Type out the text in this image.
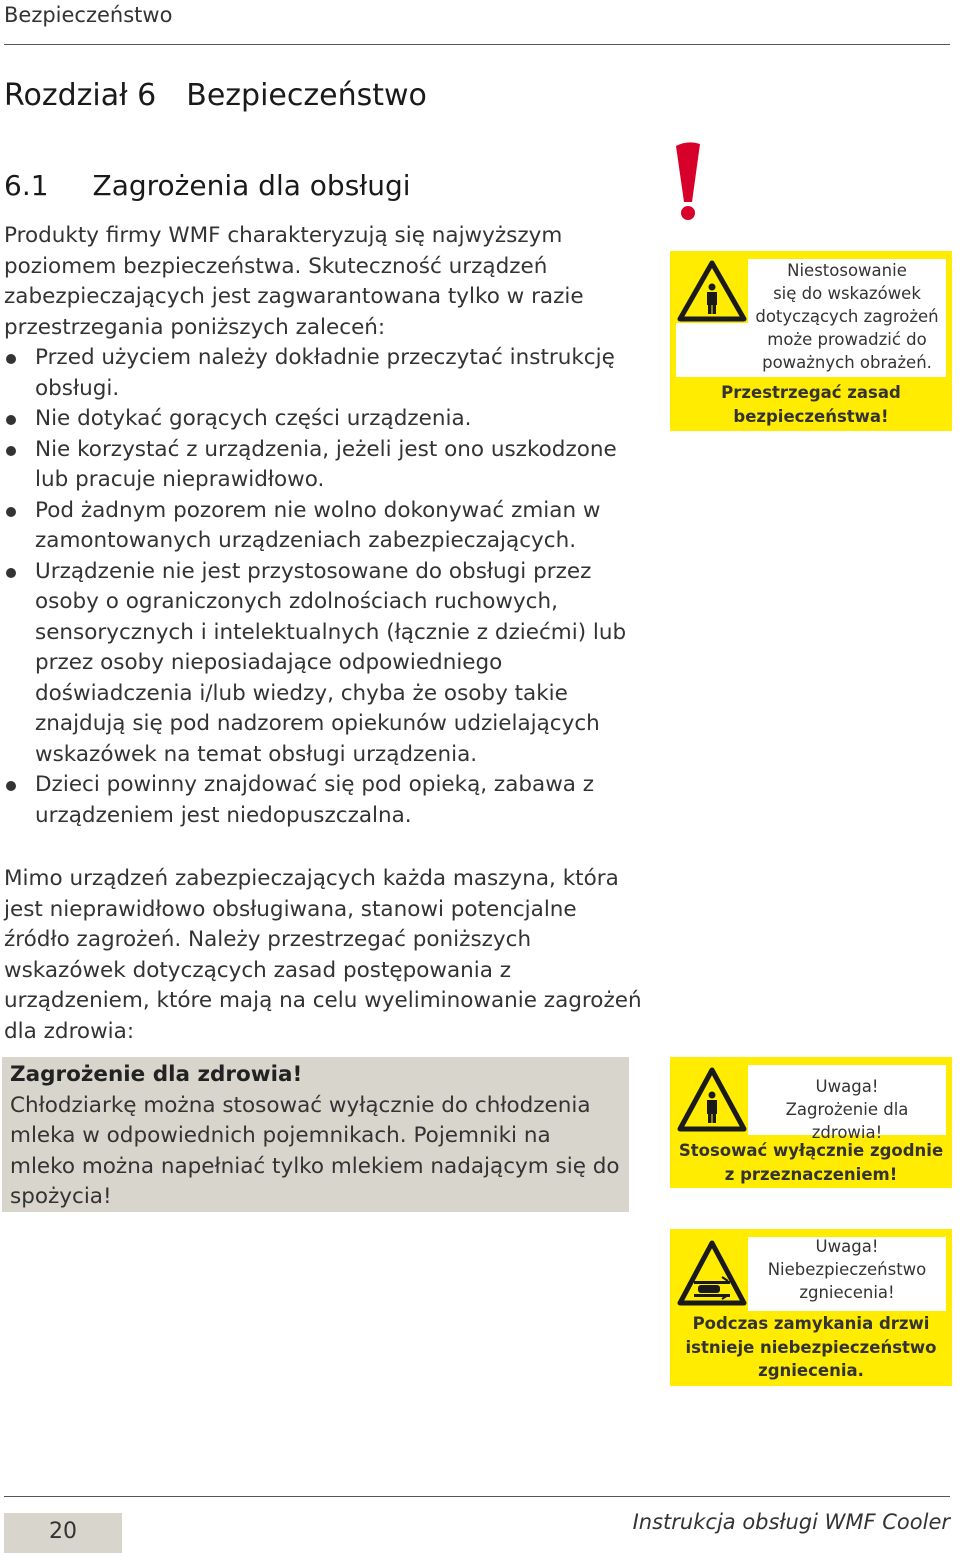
Bezpieczeństwo
Rozdział 6 Bezpieczeństwo
6.1 Zagrożenia dla obsługi
Produkty firmy WMF charakteryzują się najwyższym poziomem bezpieczeństwa. Skuteczność urządzeń zabezpieczających jest zagwarantowana tylko w razie przestrzegania poniższych zaleceń:
Przed użyciem należy dokładnie przeczytać instrukcję obsługi.
Nie dotykać gorących części urządzenia.
Nie korzystać z urządzenia, jeżeli jest ono uszkodzone lub pracuje nieprawidłowo.
Pod żadnym pozorem nie wolno dokonywać zmian w zamontowanych urządzeniach zabezpieczających.
Urządzenie nie jest przystosowane do obsługi przez osoby o ograniczonych zdolnościach ruchowych, sensorycznych i intelektualnych (łącznie z dziećmi) lub przez osoby nieposiadające odpowiedniego doświadczenia i/lub wiedzy, chyba że osoby takie znajdują się pod nadzorem opiekunów udzielających wskazówek na temat obsługi urządzenia.
Dzieci powinny znajdować się pod opieką, zabawa z urządzeniem jest niedopuszczalna.
Mimo urządzeń zabezpieczających każda maszyna, która jest nieprawidłowo obsługiwana, stanowi potencjalne źródło zagrożeń. Należy przestrzegać poniższych wskazówek dotyczących zasad postępowania z urządzeniem, które mają na celu wyeliminowanie zagrożeń dla zdrowia:
Zagrożenie dla zdrowia!
Chłodziarkę można stosować wyłącznie do chłodzenia mleka w odpowiednich pojemnikach. Pojemniki na mleko można napełniać tylko mlekiem nadającym się do spożycia!
Niestosowanie
się do wskazówek
dotyczących zagrożeń
może prowadzić do
poważnych obrażeń.
Przestrzegać zasad
bezpieczeństwa!
Uwaga!
Zagrożenie dla zdrowia!
Stosować wyłącznie zgodnie
z przeznaczeniem!
Uwaga!
Niebezpieczeństwo
zgniecenia!
Podczas zamykania drzwi
istnieje niebezpieczeństwo
zgniecenia.
20	Instrukcja obsługi WMF Cooler
